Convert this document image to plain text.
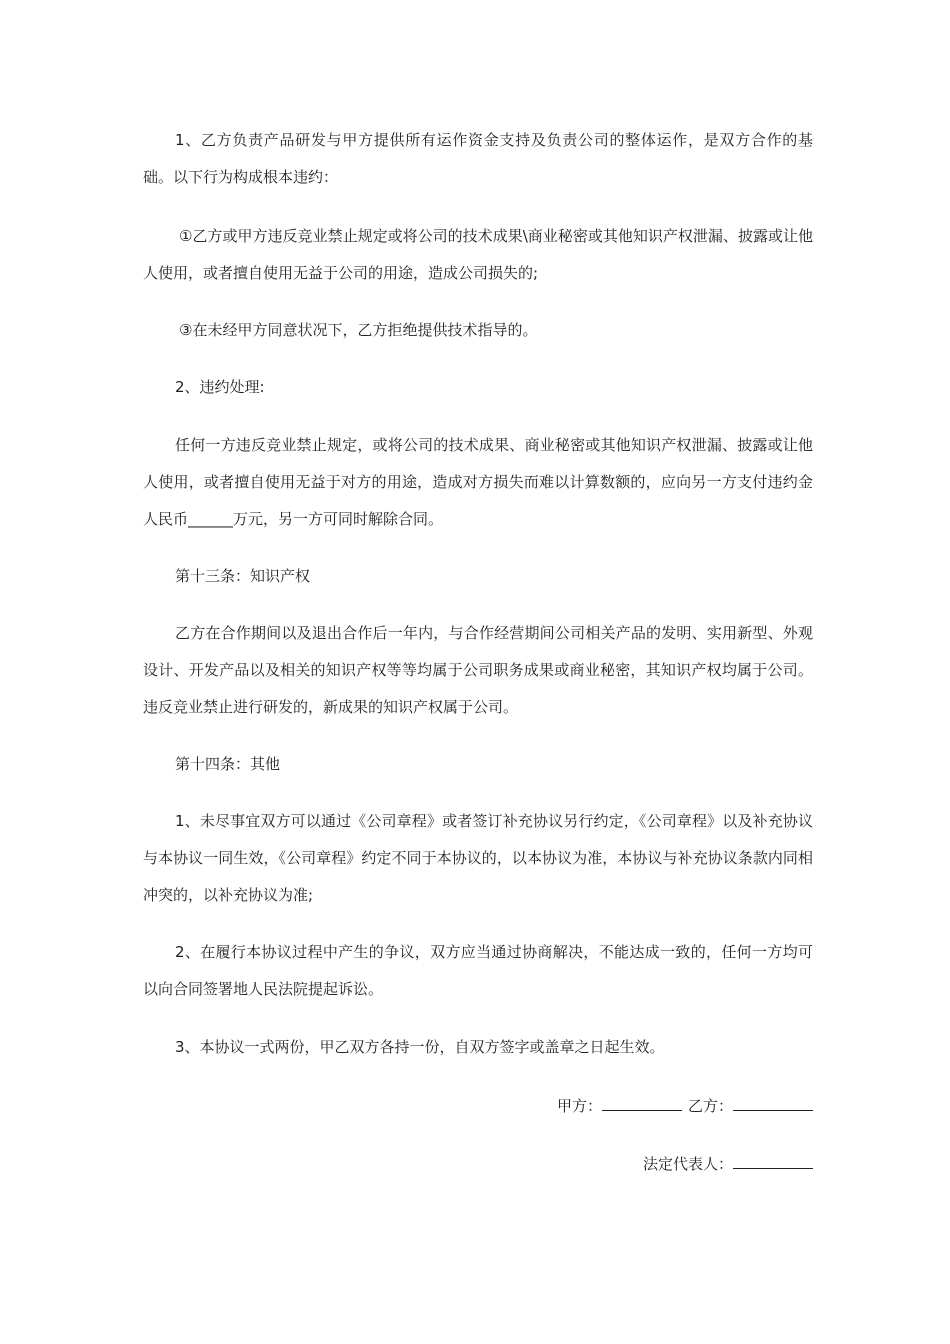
1、乙方负责产品研发与甲方提供所有运作资金支持及负责公司的整体运作，是双方合作的基础。以下行为构成根本违约：

①乙方或甲方违反竞业禁止规定或将公司的技术成果\商业秘密或其他知识产权泄漏、披露或让他人使用，或者擅自使用无益于公司的用途，造成公司损失的;

③在未经甲方同意状况下，乙方拒绝提供技术指导的。

2、违约处理:

任何一方违反竞业禁止规定，或将公司的技术成果、商业秘密或其他知识产权泄漏、披露或让他人使用，或者擅自使用无益于对方的用途，造成对方损失而难以计算数额的，应向另一方支付违约金人民币______万元，另一方可同时解除合同。

第十三条：知识产权

乙方在合作期间以及退出合作后一年内，与合作经营期间公司相关产品的发明、实用新型、外观设计、开发产品以及相关的知识产权等等均属于公司职务成果或商业秘密，其知识产权均属于公司。违反竞业禁止进行研发的，新成果的知识产权属于公司。

第十四条：其他

1、未尽事宜双方可以通过《公司章程》或者签订补充协议另行约定，《公司章程》以及补充协议与本协议一同生效，《公司章程》约定不同于本协议的，以本协议为准，本协议与补充协议条款内同相冲突的，以补充协议为准;

2、在履行本协议过程中产生的争议，双方应当通过协商解决，不能达成一致的，任何一方均可以向合同签署地人民法院提起诉讼。

3、本协议一式两份，甲乙双方各持一份，自双方签字或盖章之日起生效。

甲方：	乙方：
法定代表人：
